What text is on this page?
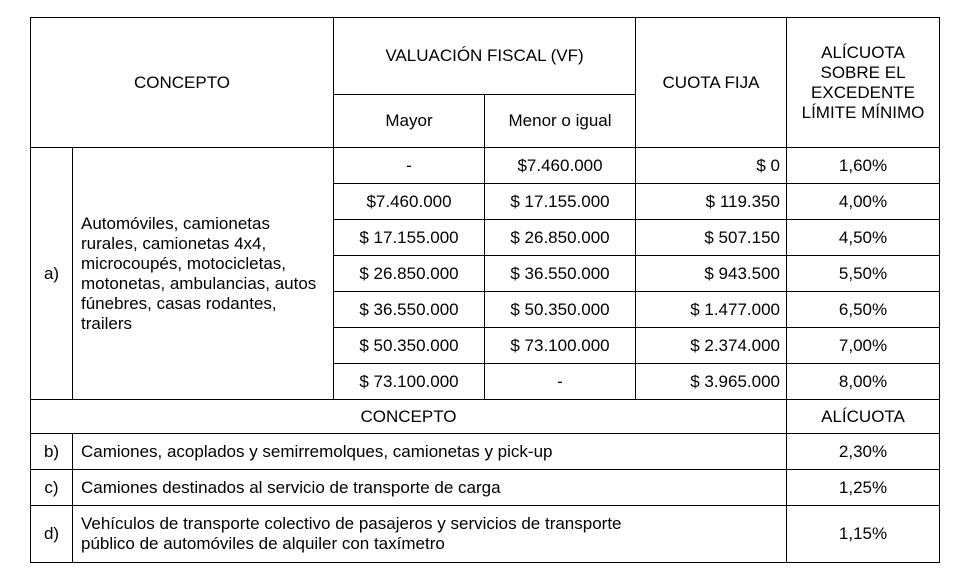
CONCEPTO		VALUACIÓN FISCAL (VF)		CUOTA FIJA	ALÍCUOTA SOBRE EL EXCEDENTE LÍMITE MÍNIMO
		Mayor	Menor o igual		
a)	Automóviles, camionetas rurales, camionetas 4x4, microcoupés, motocicletas, motonetas, ambulancias, autos fúnebres, casas rodantes, trailers	-	$7.460.000	$ 0	1,60%
		$7.460.000	$ 17.155.000	$ 119.350	4,00%
		$ 17.155.000	$ 26.850.000	$ 507.150	4,50%
		$ 26.850.000	$ 36.550.000	$ 943.500	5,50%
		$ 36.550.000	$ 50.350.000	$ 1.477.000	6,50%
		$ 50.350.000	$ 73.100.000	$ 2.374.000	7,00%
		$ 73.100.000	-	$ 3.965.000	8,00%
CONCEPTO					ALÍCUOTA
b)	Camiones, acoplados y semirremolques, camionetas y pick-up				2,30%
c)	Camiones destinados al servicio de transporte de carga				1,25%
d)	Vehículos de transporte colectivo de pasajeros y servicios de transporte público de automóviles de alquiler con taxímetro				1,15%
